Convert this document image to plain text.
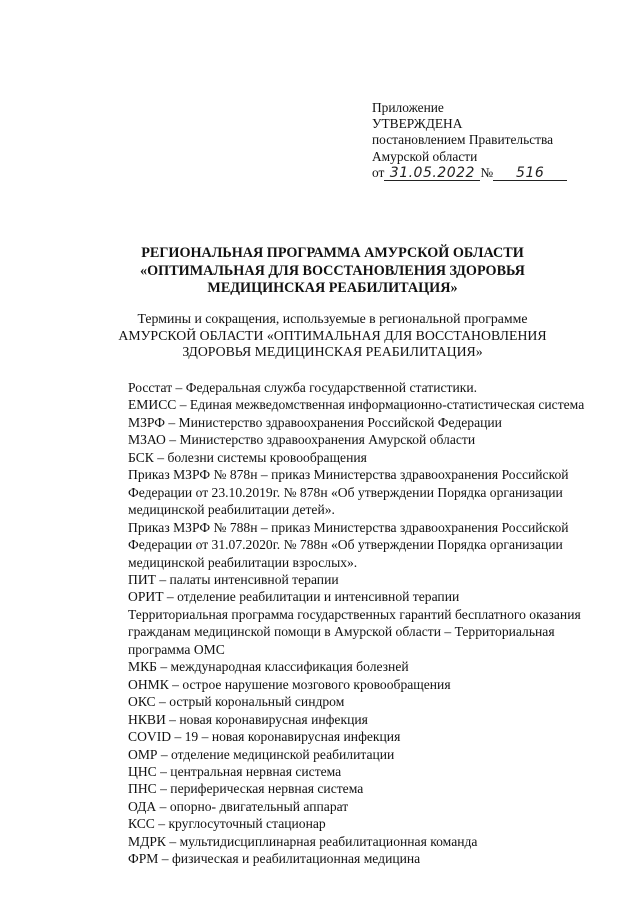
Приложение
УТВЕРЖДЕНА
постановлением Правительства
Амурской области
от 31.05.2022 № 516
РЕГИОНАЛЬНАЯ ПРОГРАММА АМУРСКОЙ ОБЛАСТИ
«ОПТИМАЛЬНАЯ ДЛЯ ВОССТАНОВЛЕНИЯ ЗДОРОВЬЯ
МЕДИЦИНСКАЯ РЕАБИЛИТАЦИЯ»
Термины и сокращения, используемые в региональной программе
АМУРСКОЙ ОБЛАСТИ «ОПТИМАЛЬНАЯ ДЛЯ ВОССТАНОВЛЕНИЯ
ЗДОРОВЬЯ МЕДИЦИНСКАЯ РЕАБИЛИТАЦИЯ»

Росстат – Федеральная служба государственной статистики.

ЕМИСС – Единая межведомственная информационно-статистическая система

МЗРФ – Министерство здравоохранения Российской Федерации

МЗАО – Министерство здравоохранения Амурской области

БСК – болезни системы кровообращения

Приказ МЗРФ № 878н – приказ Министерства здравоохранения Российской Федерации от 23.10.2019г. № 878н «Об утверждении Порядка организации медицинской реабилитации детей».

Приказ МЗРФ № 788н – приказ Министерства здравоохранения Российской Федерации от 31.07.2020г. № 788н «Об утверждении Порядка организации медицинской реабилитации взрослых».

ПИТ – палаты интенсивной терапии

ОРИТ – отделение реабилитации и интенсивной терапии

Территориальная программа государственных гарантий бесплатного оказания гражданам медицинской помощи в Амурской области – Территориальная программа ОМС

МКБ – международная классификация болезней

ОНМК – острое нарушение мозгового кровообращения

ОКС – острый корональный синдром

НКВИ – новая коронавирусная инфекция

COVID – 19 – новая коронавирусная инфекция

ОМР – отделение медицинской реабилитации

ЦНС – центральная нервная система

ПНС – периферическая нервная система

ОДА – опорно- двигательный аппарат

КСС – круглосуточный стационар

МДРК – мультидисциплинарная реабилитационная команда

ФРМ – физическая и реабилитационная медицина
